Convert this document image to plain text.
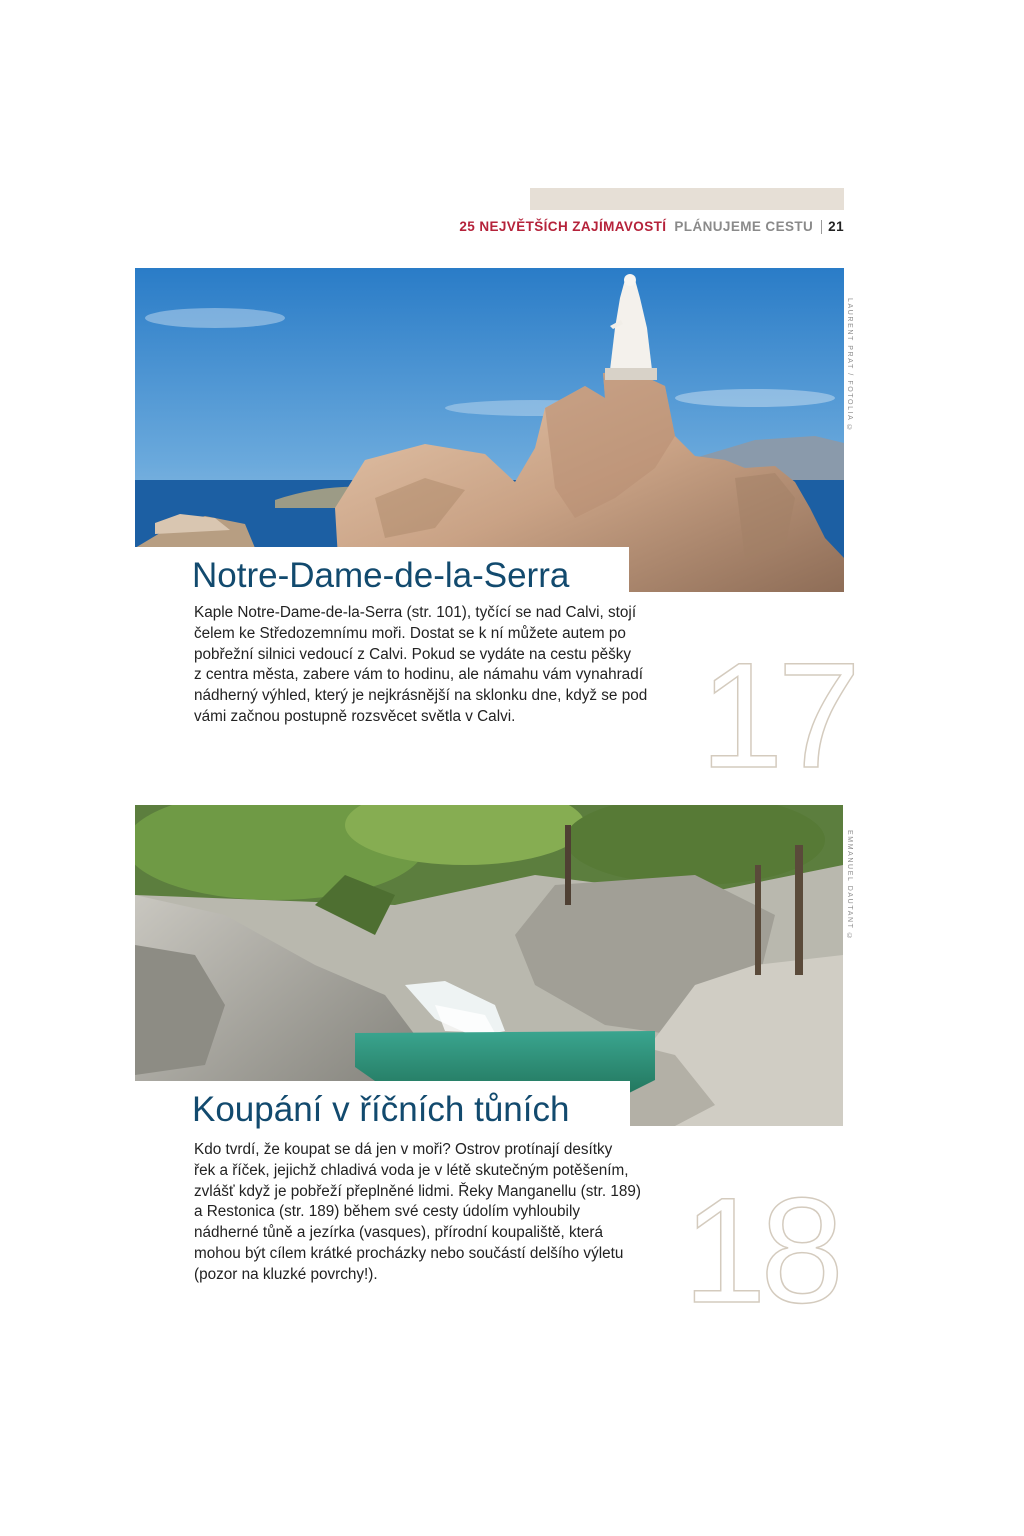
25 NEJVĚTŠÍCH ZAJÍMAVOSTÍ PLÁNUJEME CESTU 21
LAURENT PRAT / FOTOLIA ©
Notre-Dame-de-la-Serra

Kaple Notre-Dame-de-la-Serra (str. 101), tyčící se nad Calvi, stojí
čelem ke Středozemnímu moři. Dostat se k ní můžete autem po
pobřežní silnici vedoucí z Calvi. Pokud se vydáte na cestu pěšky
z centra města, zabere vám to hodinu, ale námahu vám vynahradí
nádherný výhled, který je nejkrásnější na sklonku dne, když se pod
vámi začnou postupně rozsvěcet světla v Calvi.	17
EMMANUEL DAUTANT ©
Koupání v říčních tůních

Kdo tvrdí, že koupat se dá jen v moři? Ostrov protínají desítky
řek a říček, jejichž chladivá voda je v létě skutečným potěšením,
zvlášť když je pobřeží přeplněné lidmi. Řeky Manganellu (str. 189)
a Restonica (str. 189) během své cesty údolím vyhloubily
nádherné tůně a jezírka (vasques), přírodní koupaliště, která
mohou být cílem krátké procházky nebo součástí delšího výletu
(pozor na kluzké povrchy!).	18
